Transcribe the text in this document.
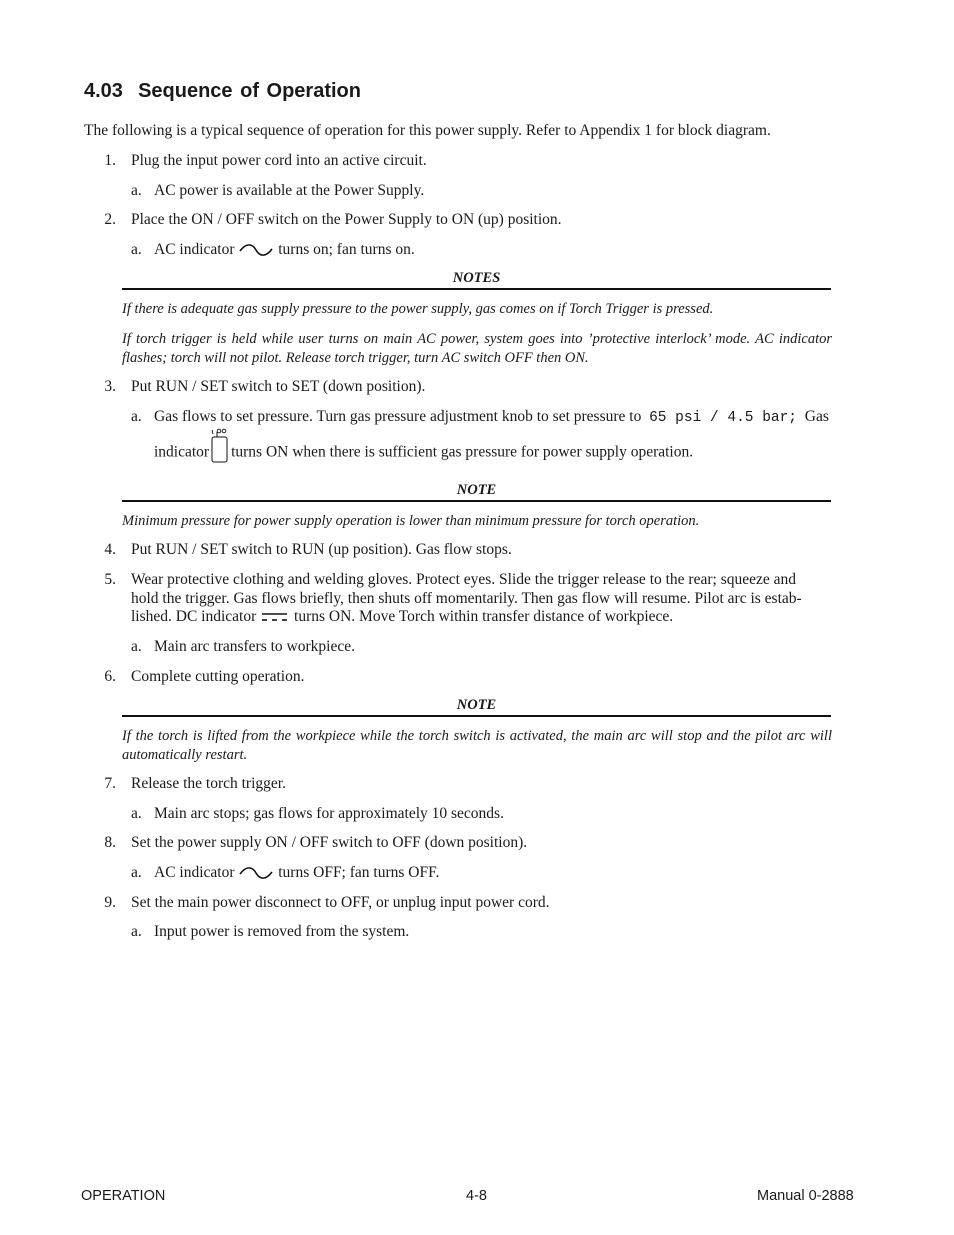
4.03 Sequence of Operation
The following is a typical sequence of operation for this power supply. Refer to Appendix 1 for block diagram.
1. Plug the input power cord into an active circuit.
a. AC power is available at the Power Supply.
2. Place the ON / OFF switch on the Power Supply to ON (up) position.
a. AC indicator	turns on; fan turns on.
NOTES
If there is adequate gas supply pressure to the power supply, gas comes on if Torch Trigger is pressed.
If torch trigger is held while user turns on main AC power, system goes into ’protective interlock’ mode. AC indicator flashes; torch will not pilot. Release torch trigger, turn AC switch OFF then ON.
3. Put RUN / SET switch to SET (down position).
a. Gas flows to set pressure. Turn gas pressure adjustment knob to set pressure to 65 psi / 4.5 bar; Gas
indicator turns ON when there is sufficient gas pressure for power supply operation.
NOTE
Minimum pressure for power supply operation is lower than minimum pressure for torch operation.
4. Put RUN / SET switch to RUN (up position). Gas flow stops.
5. Wear protective clothing and welding gloves. Protect eyes. Slide the trigger release to the rear; squeeze and
hold the trigger. Gas flows briefly, then shuts off momentarily. Then gas flow will resume. Pilot arc is estab-
lished. DC indicator turns ON. Move Torch within transfer distance of workpiece.
a. Main arc transfers to workpiece.
6. Complete cutting operation.
NOTE
If the torch is lifted from the workpiece while the torch switch is activated, the main arc will stop and the pilot arc will automatically restart.
7. Release the torch trigger.
a. Main arc stops; gas flows for approximately 10 seconds.
8. Set the power supply ON / OFF switch to OFF (down position).
a. AC indicator	turns OFF; fan turns OFF.
9. Set the main power disconnect to OFF, or unplug input power cord.
a. Input power is removed from the system.
OPERATION	4-8	Manual 0-2888
